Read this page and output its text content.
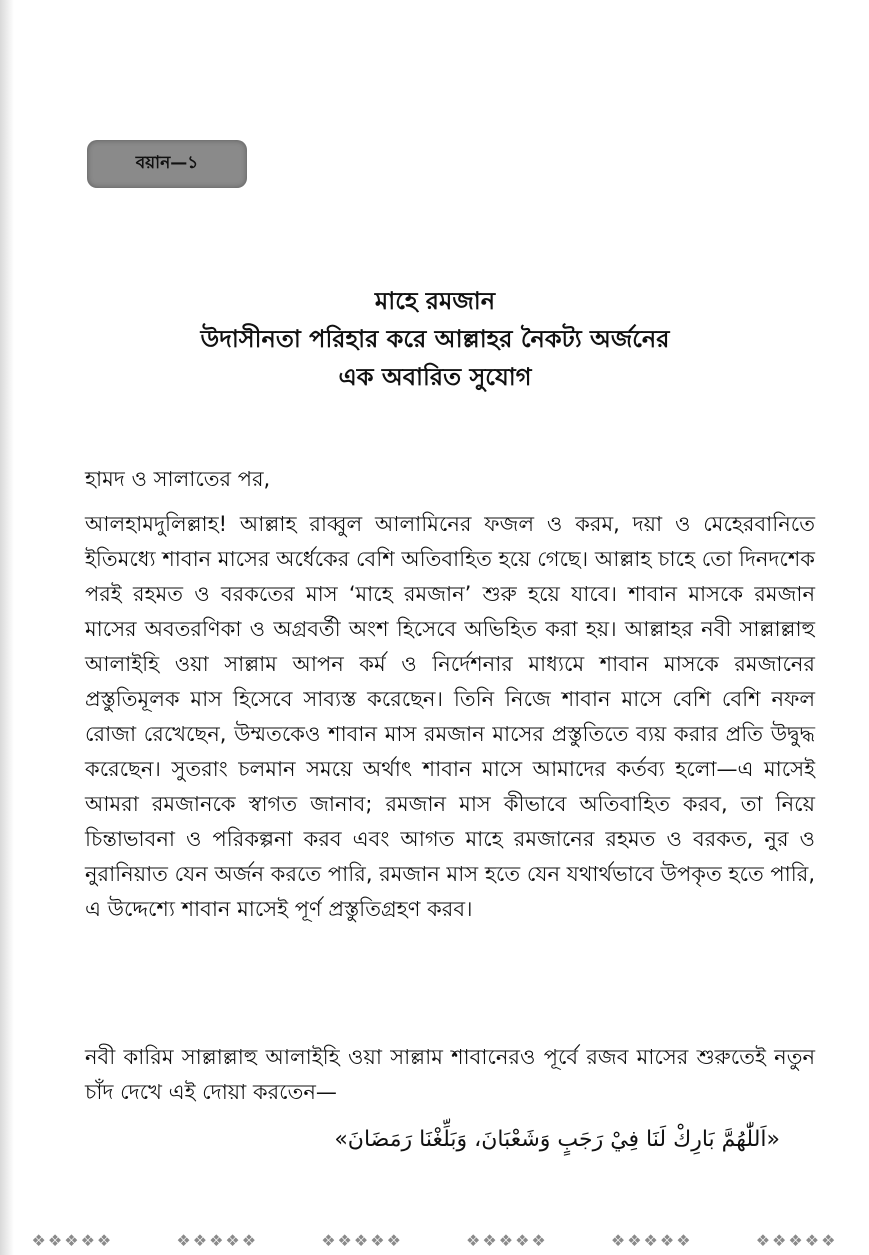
বয়ান—১
মাহে রমজান
উদাসীনতা পরিহার করে আল্লাহর নৈকট্য অর্জনের
এক অবারিত সুযোগ
হামদ ও সালাতের পর,
আলহামদুলিল্লাহ! আল্লাহ রাব্বুল আলামিনের ফজল ও করম, দয়া ও মেহেরবানিতে ইতিমধ্যে শাবান মাসের অর্ধেকের বেশি অতিবাহিত হয়ে গেছে। আল্লাহ চাহে তো দিনদশেক পরই রহমত ও বরকতের মাস ‘মাহে রমজান’ শুরু হয়ে যাবে। শাবান মাসকে রমজান মাসের অবতরণিকা ও অগ্রবর্তী অংশ হিসেবে অভিহিত করা হয়। আল্লাহর নবী সাল্লাল্লাহু আলাইহি ওয়া সাল্লাম আপন কর্ম ও নির্দেশনার মাধ্যমে শাবান মাসকে রমজানের প্রস্তুতিমূলক মাস হিসেবে সাব্যস্ত করেছেন। তিনি নিজে শাবান মাসে বেশি বেশি নফল রোজা রেখেছেন, উম্মতকেও শাবান মাস রমজান মাসের প্রস্তুতিতে ব্যয় করার প্রতি উদ্বুদ্ধ করেছেন। সুতরাং চলমান সময়ে অর্থাৎ শাবান মাসে আমাদের কর্তব্য হলো—এ মাসেই আমরা রমজানকে স্বাগত জানাব; রমজান মাস কীভাবে অতিবাহিত করব, তা নিয়ে চিন্তাভাবনা ও পরিকল্পনা করব এবং আগত মাহে রমজানের রহমত ও বরকত, নুর ও নুরানিয়াত যেন অর্জন করতে পারি, রমজান মাস হতে যেন যথার্থভাবে উপকৃত হতে পারি, এ উদ্দেশ্যে শাবান মাসেই পূর্ণ প্রস্তুতিগ্রহণ করব।
নবী কারিম সাল্লাল্লাহু আলাইহি ওয়া সাল্লাম শাবানেরও পূর্বে রজব মাসের শুরুতেই নতুন চাঁদ দেখে এই দোয়া করতেন—
«اَللّٰهُمَّ بَارِكْ لَنَا فِيْ رَجَبٍ وَشَعْبَانَ، وَبَلِّغْنَا رَمَضَانَ»
❖❖❖❖❖	❖❖❖❖❖	❖❖❖❖❖	❖❖❖❖❖	❖❖❖❖❖	❖❖❖❖❖
